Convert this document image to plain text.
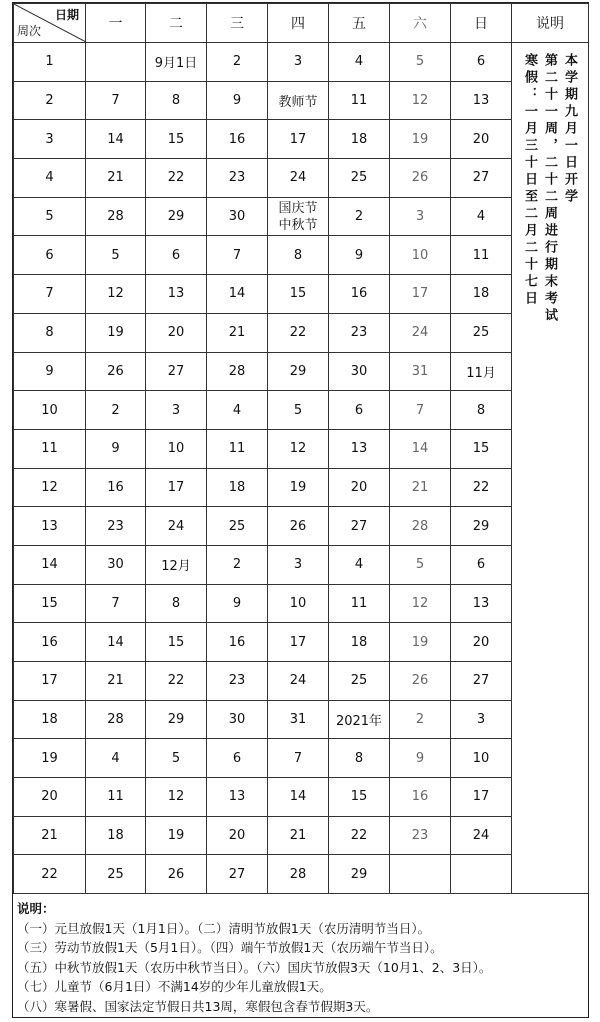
日期
周次	一	二	三	四	五	六	日	说明
1		9月1日	2	3	4	5	6	本学期九月一日开学
第二十一周，二十二周进行期末考试
寒假：一月三十日至二月二十七日

2	7	8	9	教师节	11	12	13	
3	14	15	16	17	18	19	20	
4	21	22	23	24	25	26	27	
5	28	29	30	国庆节
中秋节	2	3	4	
6	5	6	7	8	9	10	11	
7	12	13	14	15	16	17	18	
8	19	20	21	22	23	24	25	
9	26	27	28	29	30	31	11月	
10	2	3	4	5	6	7	8	
11	9	10	11	12	13	14	15	
12	16	17	18	19	20	21	22	
13	23	24	25	26	27	28	29	
14	30	12月	2	3	4	5	6	
15	7	8	9	10	11	12	13	
16	14	15	16	17	18	19	20	
17	21	22	23	24	25	26	27	
18	28	29	30	31	2021年	2	3	
19	4	5	6	7	8	9	10	
20	11	12	13	14	15	16	17	
21	18	19	20	21	22	23	24	
22	25	26	27	28	29			
说明：
（一）元旦放假1天（1月1日）。（二）清明节放假1天（农历清明节当日）。
（三）劳动节放假1天（5月1日）。（四）端午节放假1天（农历端午节当日）。
（五）中秋节放假1天（农历中秋节当日）。（六）国庆节放假3天（10月1、2、3日）。
（七）儿童节（6月1日）不满14岁的少年儿童放假1天。
（八）寒暑假、国家法定节假日共13周，寒假包含春节假期3天。
